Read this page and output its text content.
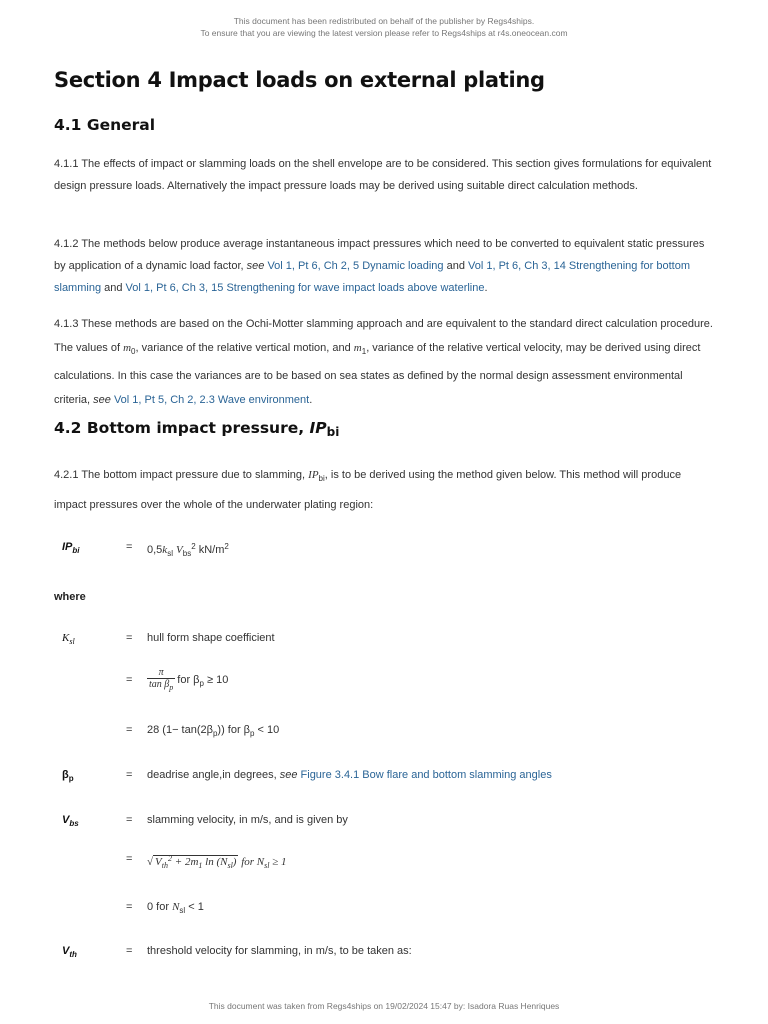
This document has been redistributed on behalf of the publisher by Regs4ships.
To ensure that you are viewing the latest version please refer to Regs4ships at r4s.oneocean.com
Section 4 Impact loads on external plating
4.1 General

4.1.1 The effects of impact or slamming loads on the shell envelope are to be considered. This section gives formulations for equivalent design pressure loads. Alternatively the impact pressure loads may be derived using suitable direct calculation methods.

4.1.2 The methods below produce average instantaneous impact pressures which need to be converted to equivalent static pressures by application of a dynamic load factor, see Vol 1, Pt 6, Ch 2, 5 Dynamic loading and Vol 1, Pt 6, Ch 3, 14 Strengthening for bottom slamming and Vol 1, Pt 6, Ch 3, 15 Strengthening for wave impact loads above waterline.

4.1.3 These methods are based on the Ochi-Motter slamming approach and are equivalent to the standard direct calculation procedure. The values of $m_0$, variance of the relative vertical motion, and $m_1$, variance of the relative vertical velocity, may be derived using direct calculations. In this case the variances are to be based on sea states as defined by the normal design assessment environmental criteria, see Vol 1, Pt 5, Ch 2, 2.3 Wave environment.

4.2 Bottom impact pressure, $IP_{bi}$

4.2.1 The bottom impact pressure due to slamming, $IP_{bi}$, is to be derived using the method given below. This method will produce impact pressures over the whole of the underwater plating region:

$IP_{bi}$	= $0,5k_{sl}$ $V_{bs}^2$ $kN/m^2$
where
$K_{sl}$	= hull form shape coefficient
= $\frac{\pi}{\tan \beta_p}$ for $\beta_p \ge 10$
= 28 $(1- \tan(2\beta_p))$ for $\beta_p < 10$
$\beta_p$	= deadrise angle,in degrees, see Figure 3.4.1 Bow flare and bottom slamming angles
$V_{bs}$	= slamming velocity, in m/s, and is given by
= √ $V_{th}^2 + 2m_1$ $\ln (N_{sl})$ for $N_{sl} \ge 1$
= 0 for $N_{sl} < 1$
$V_{th}$	= threshold velocity for slamming, in m/s, to be taken as:
This document was taken from Regs4ships on 19/02/2024 15:47 by: Isadora Ruas Henriques
